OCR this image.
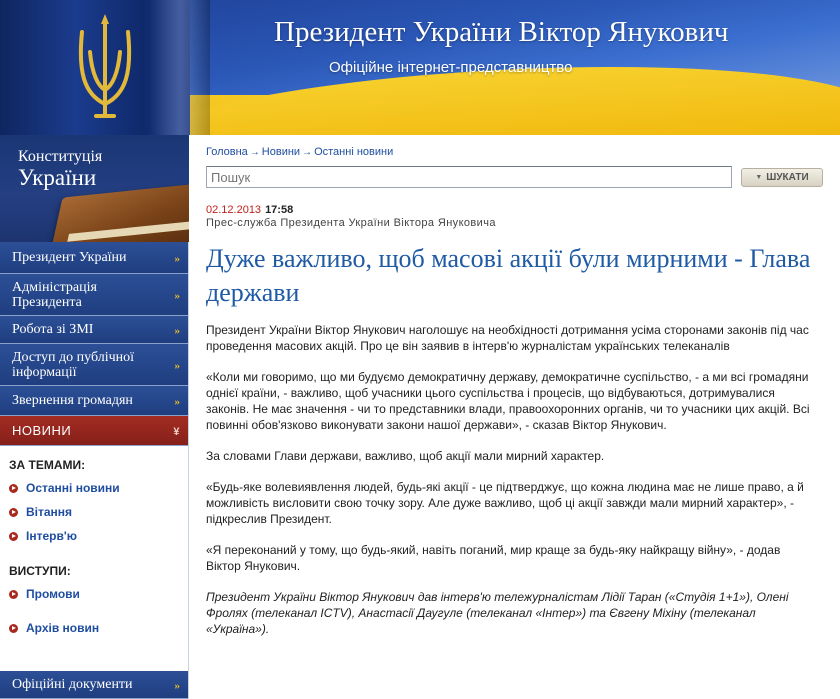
Президент України Віктор Янукович
Офіційне інтернет-представництво
Конституція
України
Президент України	»
Адміністрація Президента	»
Робота зі ЗМІ	»
Доступ до публічної інформації	»
Звернення громадян	»
НОВИНИ	¥
ЗА ТЕМАМИ:
Останні новини
Вітання
Інтерв'ю
ВИСТУПИ:
Промови
Архів новин
Офіційні документи	»
Головна → Новини → Останні новини
Пошук
▼ ШУКАТИ
02.12.2013 17:58
Прес-служба Президента України Віктора Януковича
Дуже важливо, щоб масові акції були мирними - Глава держави

Президент України Віктор Янукович наголошує на необхідності дотримання усіма сторонами законів під час проведення масових акцій. Про це він заявив в інтерв'ю журналістам українських телеканалів

«Коли ми говоримо, що ми будуємо демократичну державу, демократичне суспільство, - а ми всі громадяни однієї країни, - важливо, щоб учасники цього суспільства і процесів, що відбуваються, дотримувалися законів. Не має значення - чи то представники влади, правоохоронних органів, чи то учасники цих акцій. Всі повинні обов'язково виконувати закони нашої держави», - сказав Віктор Янукович.

За словами Глави держави, важливо, щоб акції мали мирний характер.

«Будь-яке волевиявлення людей, будь-які акції - це підтверджує, що кожна людина має не лише право, а й можливість висловити свою точку зору. Але дуже важливо, щоб ці акції завжди мали мирний характер», - підкреслив Президент.

«Я переконаний у тому, що будь-який, навіть поганий, мир краще за будь-яку найкращу війну», - додав Віктор Янукович.

Президент України Віктор Янукович дав інтерв'ю тележурналістам Лідії Таран («Студія 1+1»), Олені Фролях (телеканал ICTV), Анастасії Даугуле (телеканал «Інтер») та Євгену Міхіну (телеканал «Україна»).
